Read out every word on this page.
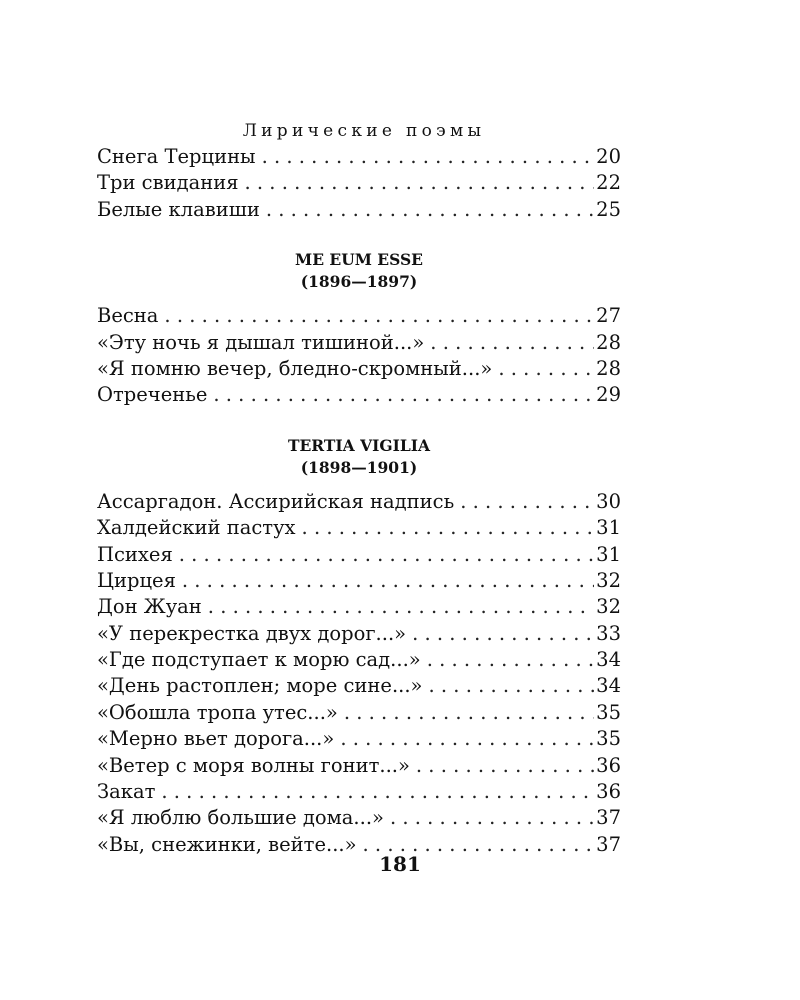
Лирические поэмы
Снега Терцины . . .	20
Три свидания . . .	22
Белые клавиши . . .	25
ME EUM ESSE
(1896—1897)
Весна . . .	27
«Эту ночь я дышал тишиной...» . . .	28
«Я помню вечер, бледно-скромный...» . . .	28
Отреченье . . .	29
TERTIA VIGILIA
(1898—1901)
Ассаргадон. Ассирийская надпись . . .	30
Халдейский пастух . . .	31
Психея . . .	31
Цирцея . . .	32
Дон Жуан . . .	32
«У перекрестка двух дорог...» . . .	33
«Где подступает к морю сад...» . . .	34
«День растоплен; море сине...» . . .	34
«Обошла тропа утес...» . . .	35
«Мерно вьет дорога...» . . .	35
«Ветер с моря волны гонит...» . . .	36
Закат . . .	36
«Я люблю большие дома...» . . .	37
«Вы, снежинки, вейте...» . . .	37
181
